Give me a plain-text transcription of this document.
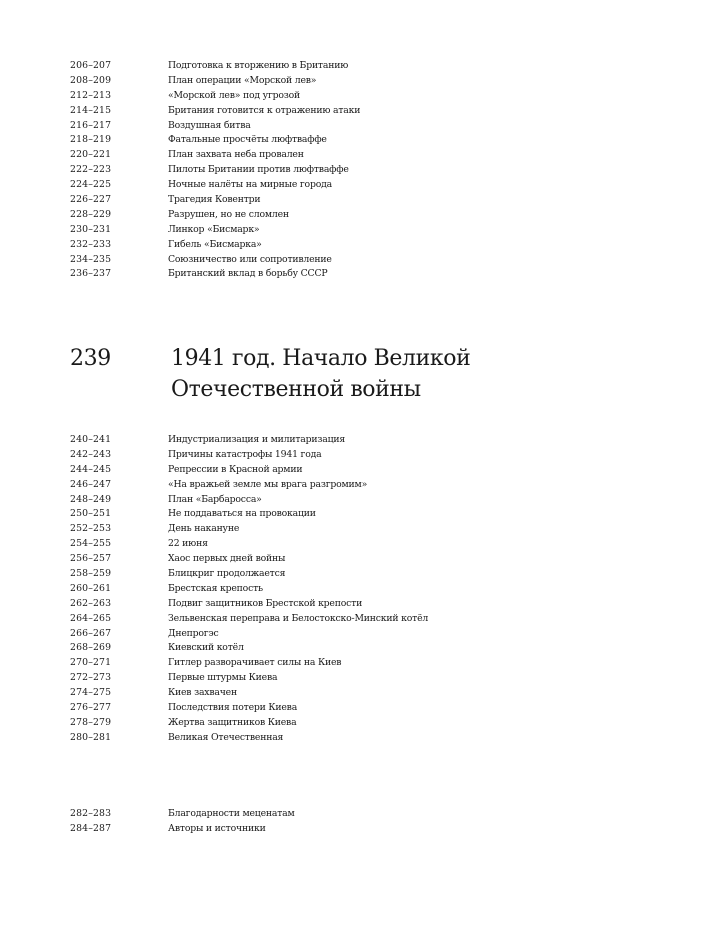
206–207	Подготовка к вторжению в Британию
208–209	План операции «Морской лев»
212–213	«Морской лев» под угрозой
214–215	Британия готовится к отражению атаки
216–217	Воздушная битва
218–219	Фатальные просчёты люфтваффе
220–221	План захвата неба провален
222–223	Пилоты Британии против люфтваффе
224–225	Ночные налёты на мирные города
226–227	Трагедия Ковентри
228–229	Разрушен, но не сломлен
230–231	Линкор «Бисмарк»
232–233	Гибель «Бисмарка»
234–235	Союзничество или сопротивление
236–237	Британский вклад в борьбу СССР
239	1941 год. Начало Великой Отечественной войны
240–241	Индустриализация и милитаризация
242–243	Причины катастрофы 1941 года
244–245	Репрессии в Красной армии
246–247	«На вражьей земле мы врага разгромим»
248–249	План «Барбаросса»
250–251	Не поддаваться на провокации
252–253	День накануне
254–255	22 июня
256–257	Хаос первых дней войны
258–259	Блицкриг продолжается
260–261	Брестская крепость
262–263	Подвиг защитников Брестской крепости
264–265	Зельвенская переправа и Белостокско-Минский котёл
266–267	Днепрогэс
268–269	Киевский котёл
270–271	Гитлер разворачивает силы на Киев
272–273	Первые штурмы Киева
274–275	Киев захвачен
276–277	Последствия потери Киева
278–279	Жертва защитников Киева
280–281	Великая Отечественная
282–283	Благодарности меценатам
284–287	Авторы и источники
